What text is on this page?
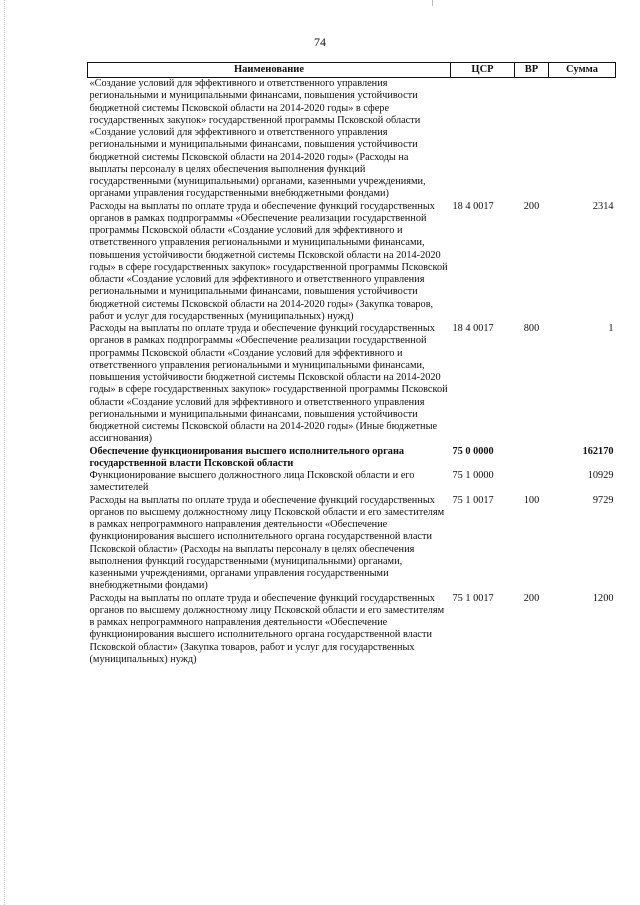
74
Наименование	ЦСР	ВР	Сумма
«Создание условий для эффективного и ответственного управления региональными и муниципальными финансами, повышения устойчивости бюджетной системы Псковской области на 2014-2020 годы» в сфере государственных закупок» государственной программы Псковской области «Создание условий для эффективного и ответственного управления региональными и муниципальными финансами, повышения устойчивости бюджетной системы Псковской области на 2014-2020 годы» (Расходы на выплаты персоналу в целях обеспечения выполнения функций государственными (муниципальными) органами, казенными учреждениями, органами управления государственными внебюджетными фондами)			
Расходы на выплаты по оплате труда и обеспечение функций государственных органов в рамках подпрограммы «Обеспечение реализации государственной программы Псковской области «Создание условий для эффективного и ответственного управления региональными и муниципальными финансами, повышения устойчивости бюджетной системы Псковской области на 2014-2020 годы» в сфере государственных закупок» государственной программы Псковской области «Создание условий для эффективного и ответственного управления региональными и муниципальными финансами, повышения устойчивости бюджетной системы Псковской области на 2014-2020 годы» (Закупка товаров, работ и услуг для государственных (муниципальных) нужд)	18 4 0017	200	2314
Расходы на выплаты по оплате труда и обеспечение функций государственных органов в рамках подпрограммы «Обеспечение реализации государственной программы Псковской области «Создание условий для эффективного и ответственного управления региональными и муниципальными финансами, повышения устойчивости бюджетной системы Псковской области на 2014-2020 годы» в сфере государственных закупок» государственной программы Псковской области «Создание условий для эффективного и ответственного управления региональными и муниципальными финансами, повышения устойчивости бюджетной системы Псковской области на 2014-2020 годы» (Иные бюджетные ассигнования)	18 4 0017	800	1
Обеспечение функционирования высшего исполнительного органа государственной власти Псковской области	75 0 0000		162170
Функционирование высшего должностного лица Псковской области и его заместителей	75 1 0000		10929
Расходы на выплаты по оплате труда и обеспечение функций государственных органов по высшему должностному лицу Псковской области и его заместителям в рамках непрограммного направления деятельности «Обеспечение функционирования высшего исполнительного органа государственной власти Псковской области» (Расходы на выплаты персоналу в целях обеспечения выполнения функций государственными (муниципальными) органами, казенными учреждениями, органами управления государственными внебюджетными фондами)	75 1 0017	100	9729
Расходы на выплаты по оплате труда и обеспечение функций государственных органов по высшему должностному лицу Псковской области и его заместителям в рамках непрограммного направления деятельности «Обеспечение функционирования высшего исполнительного органа государственной власти Псковской области» (Закупка товаров, работ и услуг для государственных (муниципальных) нужд)	75 1 0017	200	1200
